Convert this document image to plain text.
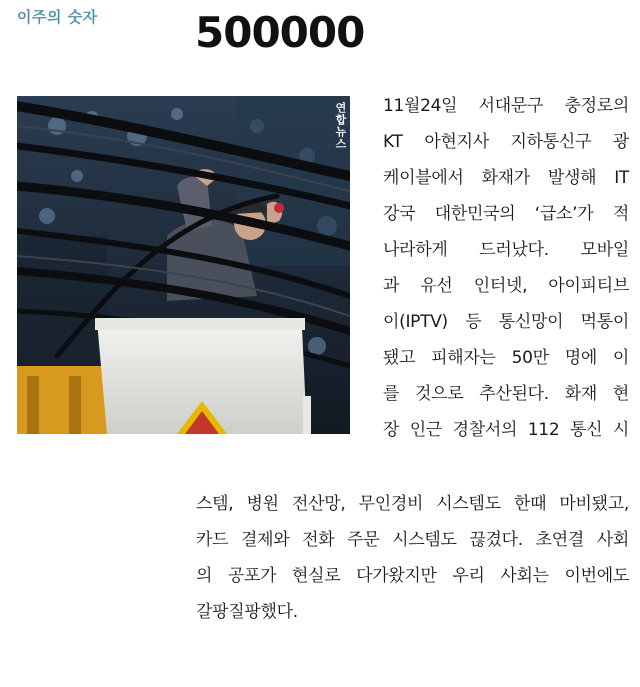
이주의 숫자 500000
연합뉴스 11월24일 서대문구 충정로의
KT 아현지사 지하통신구 광
케이블에서 화재가 발생해 IT
강국 대한민국의 ‘급소’가 적
나라하게 드러났다. 모바일
과 유선 인터넷, 아이피티브
이(IPTV) 등 통신망이 먹통이
됐고 피해자는 50만 명에 이
를 것으로 추산된다. 화재 현
장 인근 경찰서의 112 통신 시
스템, 병원 전산망, 무인경비 시스템도 한때 마비됐고,
카드 결제와 전화 주문 시스템도 끊겼다. 초연결 사회
의 공포가 현실로 다가왔지만 우리 사회는 이번에도
갈팡질팡했다.
